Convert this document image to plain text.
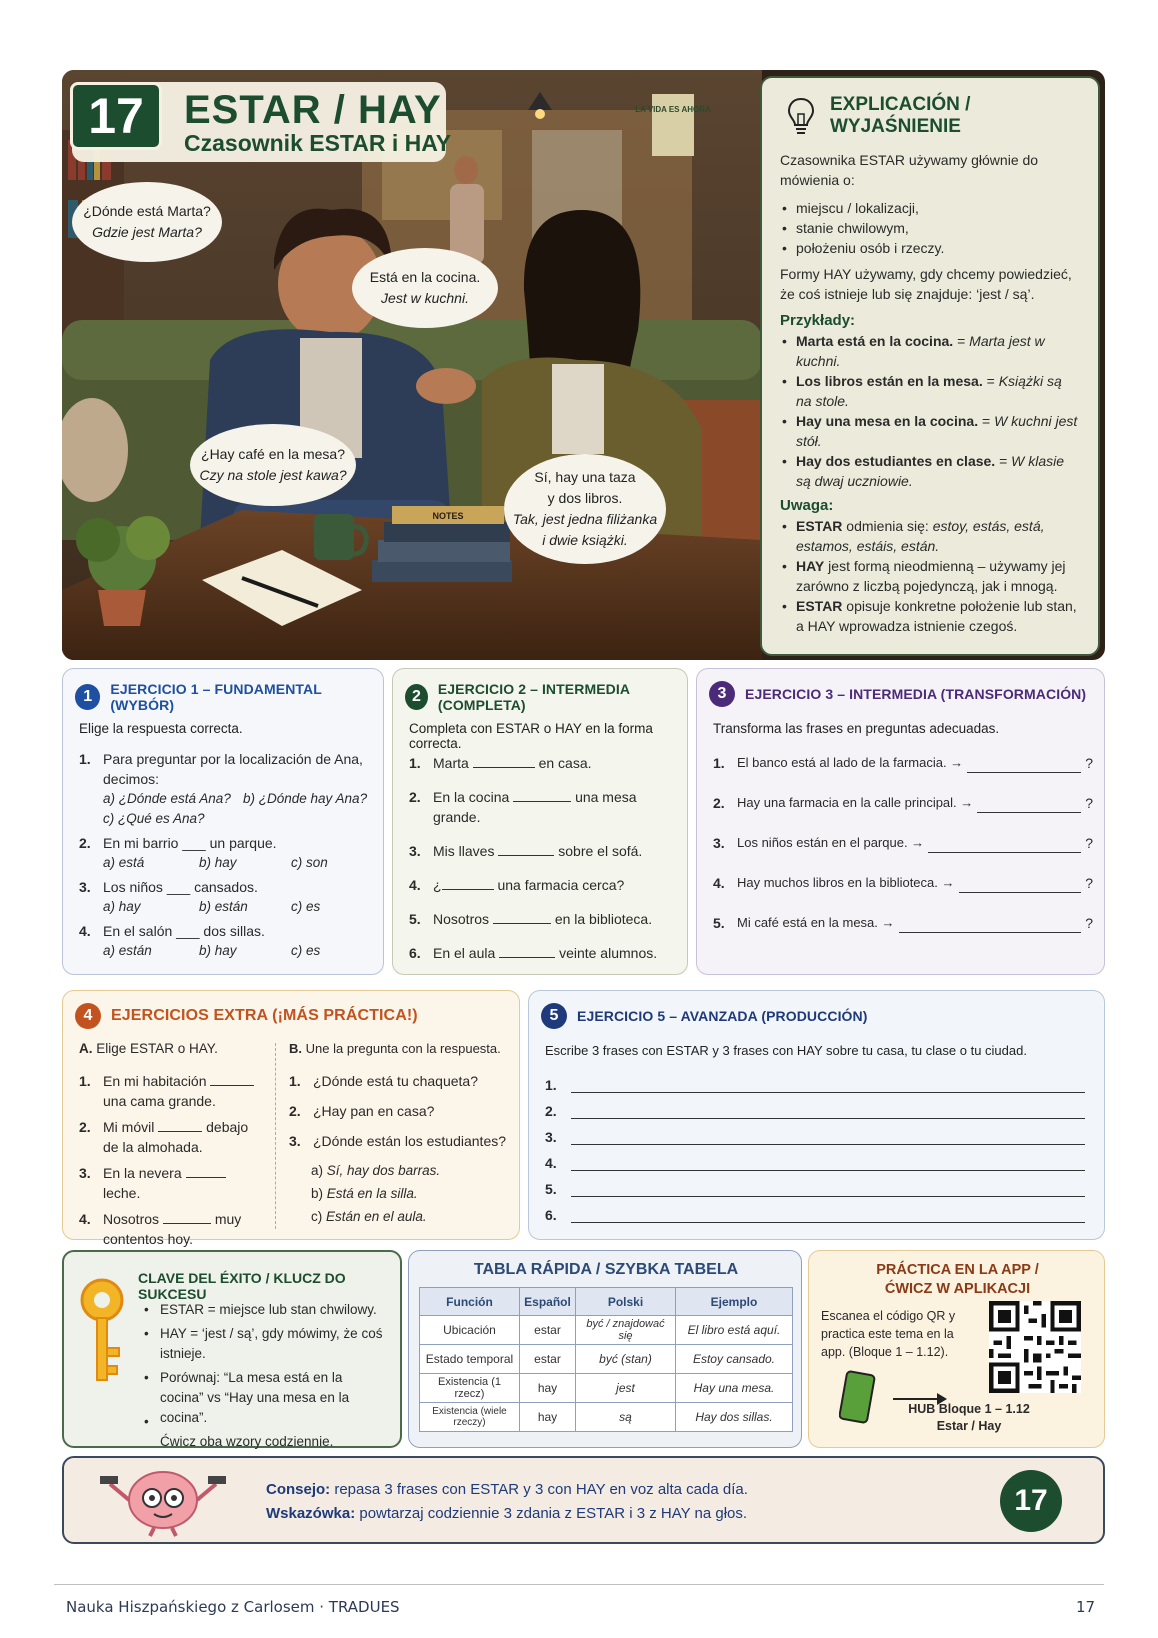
LA VIDA ES AHORA
NOTES
17	ESTAR / HAY
Czasownik ESTAR i HAY
¿Dónde está Marta?
Gdzie jest Marta?
Está en la cocina.
Jest w kuchni.
¿Hay café en la mesa?
Czy na stole jest kawa?	Sí, hay una taza
y dos libros.
Tak, jest jedna filiżanka
i dwie książki.
EXPLICACIÓN /
WYJAŚNIENIE

Czasownika ESTAR używamy głównie do mówienia o:

• miejscu / lokalizacji,
• stanie chwilowym,
• położeniu osób i rzeczy.

Formy HAY używamy, gdy chcemy powiedzieć, że coś istnieje lub się znajduje: ‘jest / są’.

Przykłady:
• Marta está en la cocina. = Marta jest w kuchni.
• Los libros están en la mesa. = Książki są na stole.
• Hay una mesa en la cocina. = W kuchni jest stół.
• Hay dos estudiantes en clase. = W klasie są dwaj uczniowie.
Uwaga:
• ESTAR odmienia się: estoy, estás, está, estamos, estáis, están.
• HAY jest formą nieodmienną – używamy jej zarówno z liczbą pojedynczą, jak i mnogą.
• ESTAR opisuje konkretne położenie lub stan, a HAY wprowadza istnienie czegoś.
1	EJERCICIO 1 – FUNDAMENTAL (WYBÓR)
Elige la respuesta correcta.
1. Para preguntar por la localización de Ana, decimos:
a) ¿Dónde está Ana? b) ¿Dónde hay Ana?
c) ¿Qué es Ana?
2. En mi barrio ___ un parque.
a) está	b) hay	c) son
3. Los niños ___ cansados.
a) hay	b) están	c) es
4. En el salón ___ dos sillas.
a) están	b) hay	c) es
2	EJERCICIO 2 – INTERMEDIA (COMPLETA)
Completa con ESTAR o HAY en la forma correcta.
1. Marta	en casa.
2. En la cocina	una mesa grande.
3. Mis llaves	sobre el sofá.
4. ¿	una farmacia cerca?
5. Nosotros	en la biblioteca.
6. En el aula	veinte alumnos.
3	EJERCICIO 3 – INTERMEDIA (TRANSFORMACIÓN)
Transforma las frases en preguntas adecuadas.
1. El banco está al lado de la farmacia. →	?
2. Hay una farmacia en la calle principal. →	?
3. Los niños están en el parque. →	?
4. Hay muchos libros en la biblioteca. →	?
5. Mi café está en la mesa. →	?
4	EJERCICIOS EXTRA (¡MÁS PRÁCTICA!)
A. Elige ESTAR o HAY.
1. En mi habitación  una cama grande.
2. Mi móvil	debajo de la almohada.
3. En la nevera  leche.
4. Nosotros	muy contentos hoy.
B. Une la pregunta con la respuesta.
1. ¿Dónde está tu chaqueta?
2. ¿Hay pan en casa?
3. ¿Dónde están los estudiantes?
a) Sí, hay dos barras.
b) Está en la silla.
c) Están en el aula.
5	EJERCICIO 5 – AVANZADA (PRODUCCIÓN)
Escribe 3 frases con ESTAR y 3 frases con HAY sobre tu casa, tu clase o tu ciudad.
1.
2.
3.
4.
5.
6.
CLAVE DEL ÉXITO / KLUCZ DO SUKCESU
ESTAR = miejsce lub stan chwilowy.
HAY = ‘jest / są’, gdy mówimy, że coś istnieje.
Porównaj: “La mesa está en la cocina” vs “Hay una mesa en la cocina”.
Ćwicz oba wzory codziennie.
•
•
•
•
TABLA RÁPIDA / SZYBKA TABELA
Función	Español	Polski	Ejemplo
Ubicación	estar	być / znajdować się	El libro está aquí.
Estado temporal	estar	być (stan)	Estoy cansado.
Existencia (1 rzecz)	hay	jest	Hay una mesa.
Existencia (wiele rzeczy)	hay	są	Hay dos sillas.
PRÁCTICA EN LA APP /
ĆWICZ W APLIKACJI
Escanea el código QR y practica este tema en la app. (Bloque 1 – 1.12).
HUB Bloque 1 – 1.12
Estar / Hay
Consejo: repasa 3 frases con ESTAR y 3 con HAY en voz alta cada día.
Wskazówka: powtarzaj codziennie 3 zdania z ESTAR i 3 z HAY na głos.	17
Nauka Hiszpańskiego z Carlosem · TRADUES	17
